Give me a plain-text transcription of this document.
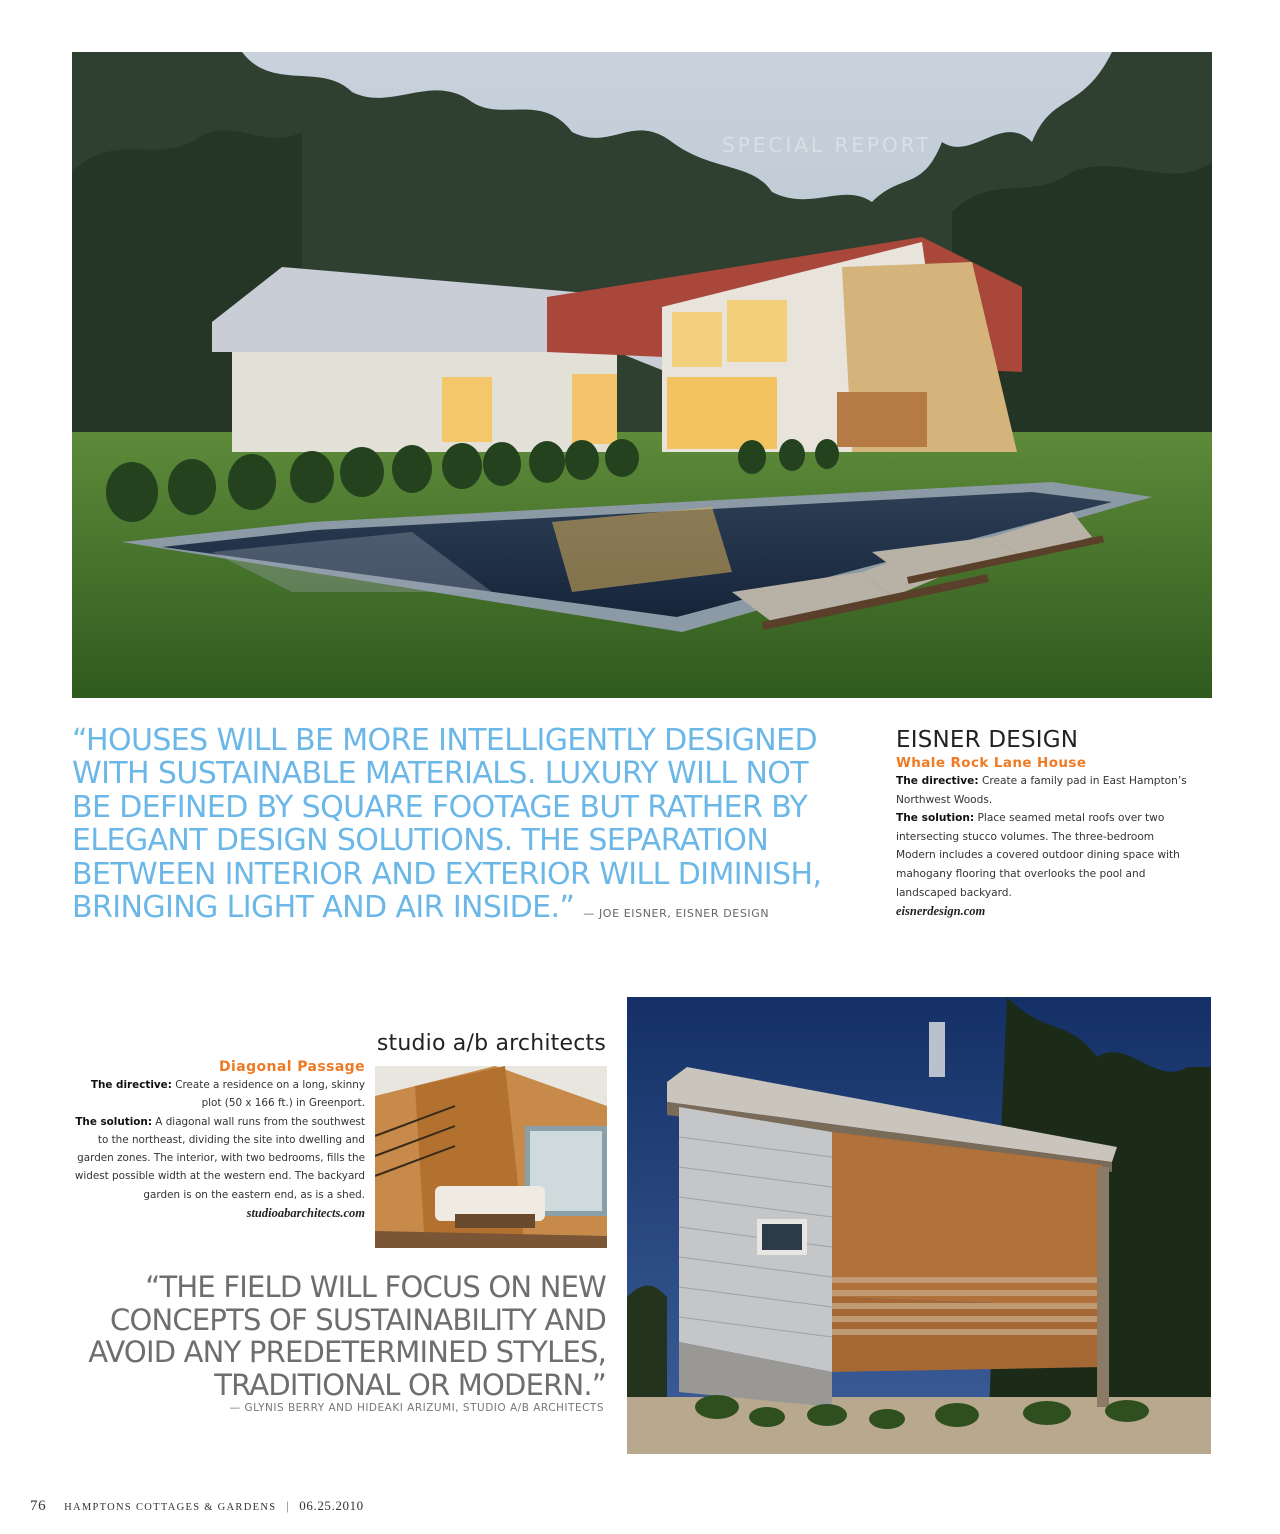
SPECIAL REPORT
“HOUSES WILL BE MORE INTELLIGENTLY DESIGNED WITH SUSTAINABLE MATERIALS. LUXURY WILL NOT BE DEFINED BY SQUARE FOOTAGE BUT RATHER BY ELEGANT DESIGN SOLUTIONS. THE SEPARATION BETWEEN INTERIOR AND EXTERIOR WILL DIMINISH, BRINGING LIGHT AND AIR INSIDE.” — JOE EISNER, EISNER DESIGN
EISNER DESIGN
Whale Rock Lane House
The directive: Create a family pad in East Hampton’s Northwest Woods.
The solution: Place seamed metal roofs over two intersecting stucco volumes. The three-bedroom Modern includes a covered outdoor dining space with mahogany flooring that overlooks the pool and landscaped backyard.
eisnerdesign.com
studio a/b architects
Diagonal Passage
The directive: Create a residence on a long, skinny plot (50 x 166 ft.) in Greenport.
The solution: A diagonal wall runs from the southwest to the northeast, dividing the site into dwelling and garden zones. The interior, with two bedrooms, fills the widest possible width at the western end. The backyard garden is on the eastern end, as is a shed.
studioabarchitects.com
“THE FIELD WILL FOCUS ON NEW CONCEPTS OF SUSTAINABILITY AND AVOID ANY PREDETERMINED STYLES, TRADITIONAL OR MODERN.”
— GLYNIS BERRY AND HIDEAKI ARIZUMI, STUDIO A/B ARCHITECTS
76 HAMPTONS COTTAGES & GARDENS | 06.25.2010
